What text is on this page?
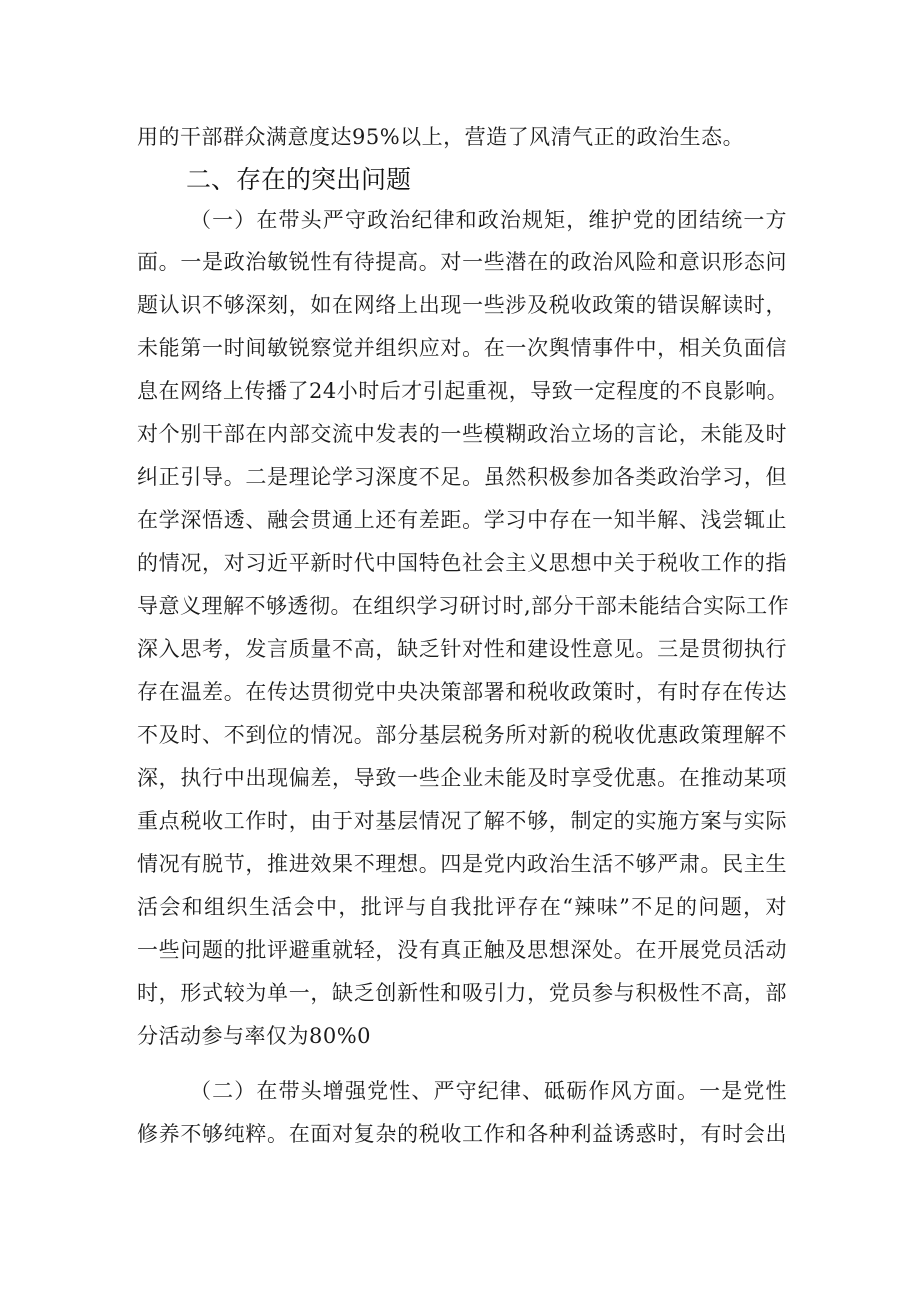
用的干部群众满意度达95%以上，营造了风清气正的政治生态。
二、存在的突出问题
（一）在带头严守政治纪律和政治规矩，维护党的团结统一方
面。一是政治敏锐性有待提高。对一些潜在的政治风险和意识形态问
题认识不够深刻，如在网络上出现一些涉及税收政策的错误解读时，
未能第一时间敏锐察觉并组织应对。在一次舆情事件中，相关负面信
息在网络上传播了24小时后才引起重视，导致一定程度的不良影响。
对个别干部在内部交流中发表的一些模糊政治立场的言论，未能及时
纠正引导。二是理论学习深度不足。虽然积极参加各类政治学习，但
在学深悟透、融会贯通上还有差距。学习中存在一知半解、浅尝辄止
的情况，对习近平新时代中国特色社会主义思想中关于税收工作的指
导意义理解不够透彻。在组织学习研讨时,部分干部未能结合实际工作
深入思考，发言质量不高，缺乏针对性和建设性意见。三是贯彻执行
存在温差。在传达贯彻党中央决策部署和税收政策时，有时存在传达
不及时、不到位的情况。部分基层税务所对新的税收优惠政策理解不
深，执行中出现偏差，导致一些企业未能及时享受优惠。在推动某项
重点税收工作时，由于对基层情况了解不够，制定的实施方案与实际
情况有脱节，推进效果不理想。四是党内政治生活不够严肃。民主生
活会和组织生活会中，批评与自我批评存在“辣味”不足的问题，对
一些问题的批评避重就轻，没有真正触及思想深处。在开展党员活动
时，形式较为单一，缺乏创新性和吸引力，党员参与积极性不高，部
分活动参与率仅为80%0
（二）在带头增强党性、严守纪律、砥砺作风方面。一是党性
修养不够纯粹。在面对复杂的税收工作和各种利益诱惑时，有时会出
